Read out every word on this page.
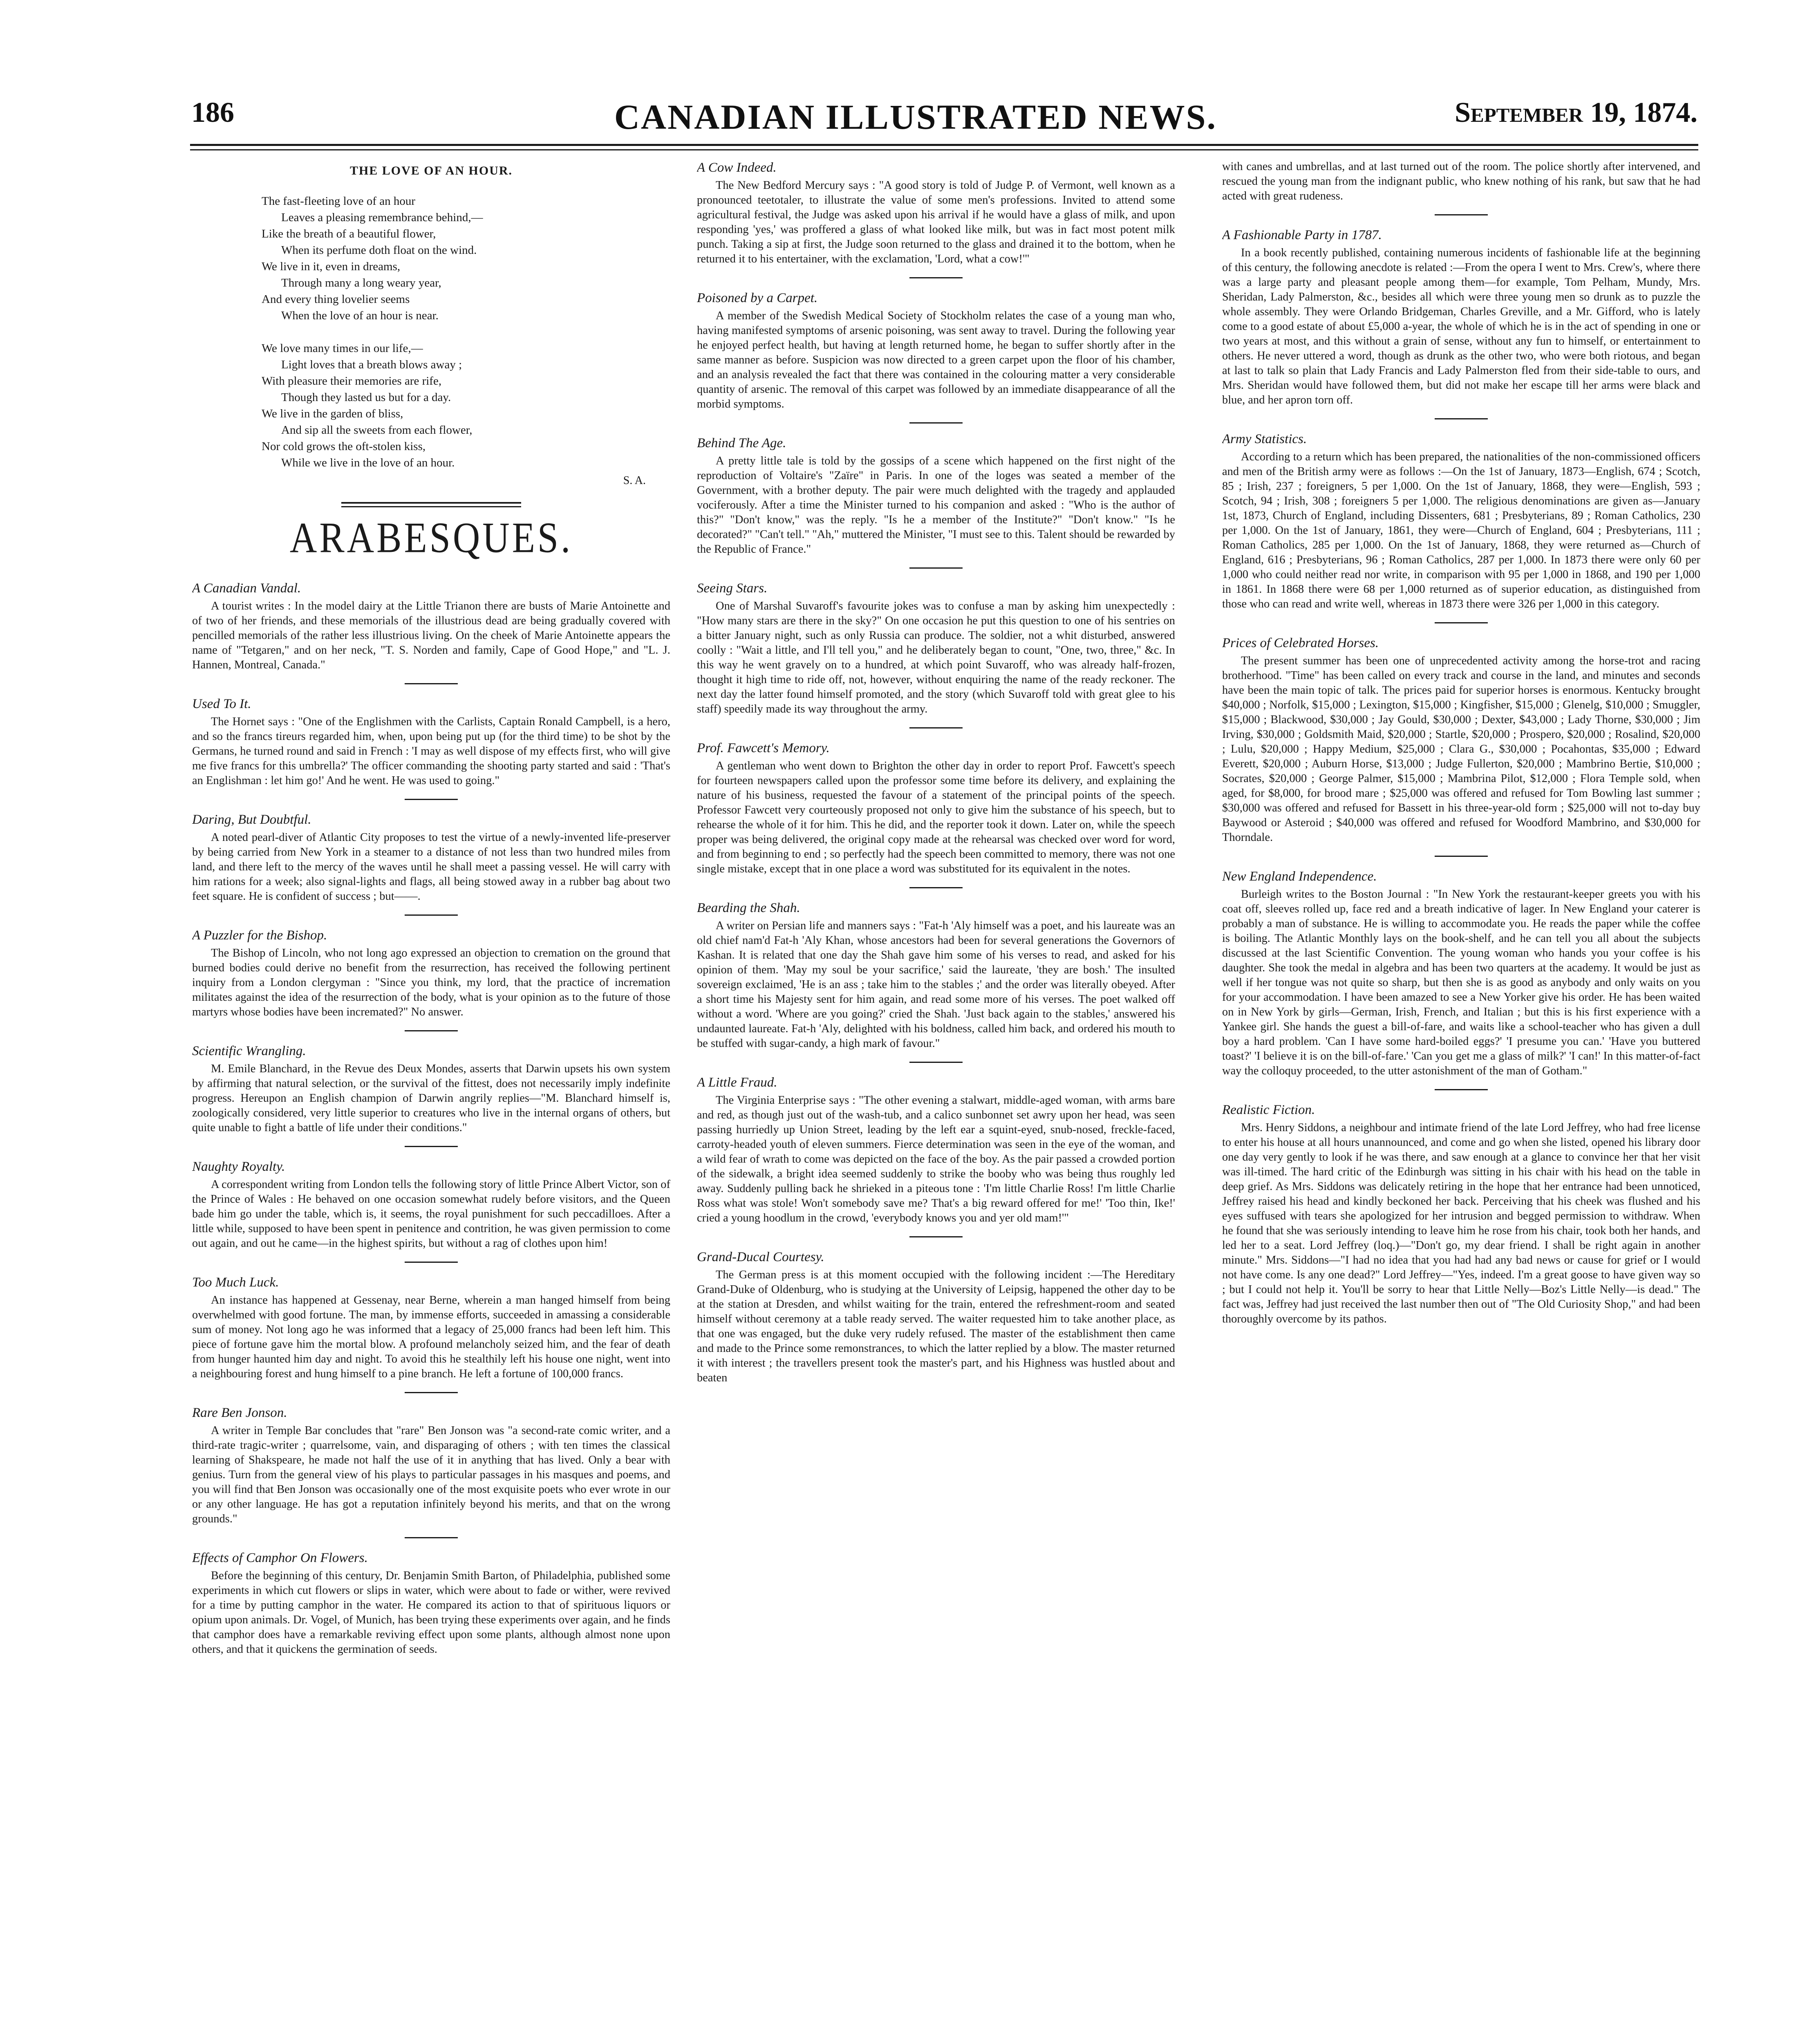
186	CANADIAN ILLUSTRATED NEWS.	September 19, 1874.
THE LOVE OF AN HOUR.
The fast-fleeting love of an hour
Leaves a pleasing remembrance behind,—
Like the breath of a beautiful flower,
When its perfume doth float on the wind.
We live in it, even in dreams,
Through many a long weary year,
And every thing lovelier seems
When the love of an hour is near.
We love many times in our life,—
Light loves that a breath blows away ;
With pleasure their memories are rife,
Though they lasted us but for a day.
We live in the garden of bliss,
And sip all the sweets from each flower,
Nor cold grows the oft-stolen kiss,
While we live in the love of an hour.
S. A.
ARABESQUES.
A Canadian Vandal.

A tourist writes : In the model dairy at the Little Trianon there are busts of Marie Antoinette and of two of her friends, and these memorials of the illustrious dead are being gradually covered with pencilled memorials of the rather less illustrious living. On the cheek of Marie Antoinette appears the name of "Tetgaren," and on her neck, "T. S. Norden and family, Cape of Good Hope," and "L. J. Hannen, Montreal, Canada."

Used To It.

The Hornet says : "One of the Englishmen with the Carlists, Captain Ronald Campbell, is a hero, and so the francs tireurs regarded him, when, upon being put up (for the third time) to be shot by the Germans, he turned round and said in French : 'I may as well dispose of my effects first, who will give me five francs for this umbrella?' The officer commanding the shooting party started and said : 'That's an Englishman : let him go!' And he went. He was used to going."

Daring, But Doubtful.

A noted pearl-diver of Atlantic City proposes to test the virtue of a newly-invented life-preserver by being carried from New York in a steamer to a distance of not less than two hundred miles from land, and there left to the mercy of the waves until he shall meet a passing vessel. He will carry with him rations for a week; also signal-lights and flags, all being stowed away in a rubber bag about two feet square. He is confident of success ; but——.

A Puzzler for the Bishop.

The Bishop of Lincoln, who not long ago expressed an objection to cremation on the ground that burned bodies could derive no benefit from the resurrection, has received the following pertinent inquiry from a London clergyman : "Since you think, my lord, that the practice of incremation militates against the idea of the resurrection of the body, what is your opinion as to the future of those martyrs whose bodies have been incremated?" No answer.

Scientific Wrangling.

M. Emile Blanchard, in the Revue des Deux Mondes, asserts that Darwin upsets his own system by affirming that natural selection, or the survival of the fittest, does not necessarily imply indefinite progress. Hereupon an English champion of Darwin angrily replies—"M. Blanchard himself is, zoologically considered, very little superior to creatures who live in the internal organs of others, but quite unable to fight a battle of life under their conditions."

Naughty Royalty.

A correspondent writing from London tells the following story of little Prince Albert Victor, son of the Prince of Wales : He behaved on one occasion somewhat rudely before visitors, and the Queen bade him go under the table, which is, it seems, the royal punishment for such peccadilloes. After a little while, supposed to have been spent in penitence and contrition, he was given permission to come out again, and out he came—in the highest spirits, but without a rag of clothes upon him!

Too Much Luck.

An instance has happened at Gessenay, near Berne, wherein a man hanged himself from being overwhelmed with good fortune. The man, by immense efforts, succeeded in amassing a considerable sum of money. Not long ago he was informed that a legacy of 25,000 francs had been left him. This piece of fortune gave him the mortal blow. A profound melancholy seized him, and the fear of death from hunger haunted him day and night. To avoid this he stealthily left his house one night, went into a neighbouring forest and hung himself to a pine branch. He left a fortune of 100,000 francs.

Rare Ben Jonson.

A writer in Temple Bar concludes that "rare" Ben Jonson was "a second-rate comic writer, and a third-rate tragic-writer ; quarrelsome, vain, and disparaging of others ; with ten times the classical learning of Shakspeare, he made not half the use of it in anything that has lived. Only a bear with genius. Turn from the general view of his plays to particular passages in his masques and poems, and you will find that Ben Jonson was occasionally one of the most exquisite poets who ever wrote in our or any other language. He has got a reputation infinitely beyond his merits, and that on the wrong grounds."

Effects of Camphor On Flowers.

Before the beginning of this century, Dr. Benjamin Smith Barton, of Philadelphia, published some experiments in which cut flowers or slips in water, which were about to fade or wither, were revived for a time by putting camphor in the water. He compared its action to that of spirituous liquors or opium upon animals. Dr. Vogel, of Munich, has been trying these experiments over again, and he finds that camphor does have a remarkable reviving effect upon some plants, although almost none upon others, and that it quickens the germination of seeds.

A Cow Indeed.

The New Bedford Mercury says : "A good story is told of Judge P. of Vermont, well known as a pronounced teetotaler, to illustrate the value of some men's professions. Invited to attend some agricultural festival, the Judge was asked upon his arrival if he would have a glass of milk, and upon responding 'yes,' was proffered a glass of what looked like milk, but was in fact most potent milk punch. Taking a sip at first, the Judge soon returned to the glass and drained it to the bottom, when he returned it to his entertainer, with the exclamation, 'Lord, what a cow!'"

Poisoned by a Carpet.

A member of the Swedish Medical Society of Stockholm relates the case of a young man who, having manifested symptoms of arsenic poisoning, was sent away to travel. During the following year he enjoyed perfect health, but having at length returned home, he began to suffer shortly after in the same manner as before. Suspicion was now directed to a green carpet upon the floor of his chamber, and an analysis revealed the fact that there was contained in the colouring matter a very considerable quantity of arsenic. The removal of this carpet was followed by an immediate disappearance of all the morbid symptoms.

Behind The Age.

A pretty little tale is told by the gossips of a scene which happened on the first night of the reproduction of Voltaire's "Zaïre" in Paris. In one of the loges was seated a member of the Government, with a brother deputy. The pair were much delighted with the tragedy and applauded vociferously. After a time the Minister turned to his companion and asked : "Who is the author of this?" "Don't know," was the reply. "Is he a member of the Institute?" "Don't know." "Is he decorated?" "Can't tell." "Ah," muttered the Minister, "I must see to this. Talent should be rewarded by the Republic of France."

Seeing Stars.

One of Marshal Suvaroff's favourite jokes was to confuse a man by asking him unexpectedly : "How many stars are there in the sky?" On one occasion he put this question to one of his sentries on a bitter January night, such as only Russia can produce. The soldier, not a whit disturbed, answered coolly : "Wait a little, and I'll tell you," and he deliberately began to count, "One, two, three," &c. In this way he went gravely on to a hundred, at which point Suvaroff, who was already half-frozen, thought it high time to ride off, not, however, without enquiring the name of the ready reckoner. The next day the latter found himself promoted, and the story (which Suvaroff told with great glee to his staff) speedily made its way throughout the army.

Prof. Fawcett's Memory.

A gentleman who went down to Brighton the other day in order to report Prof. Fawcett's speech for fourteen newspapers called upon the professor some time before its delivery, and explaining the nature of his business, requested the favour of a statement of the principal points of the speech. Professor Fawcett very courteously proposed not only to give him the substance of his speech, but to rehearse the whole of it for him. This he did, and the reporter took it down. Later on, while the speech proper was being delivered, the original copy made at the rehearsal was checked over word for word, and from beginning to end ; so perfectly had the speech been committed to memory, there was not one single mistake, except that in one place a word was substituted for its equivalent in the notes.

Bearding the Shah.

A writer on Persian life and manners says : "Fat-h 'Aly himself was a poet, and his laureate was an old chief nam'd Fat-h 'Aly Khan, whose ancestors had been for several generations the Governors of Kashan. It is related that one day the Shah gave him some of his verses to read, and asked for his opinion of them. 'May my soul be your sacrifice,' said the laureate, 'they are bosh.' The insulted sovereign exclaimed, 'He is an ass ; take him to the stables ;' and the order was literally obeyed. After a short time his Majesty sent for him again, and read some more of his verses. The poet walked off without a word. 'Where are you going?' cried the Shah. 'Just back again to the stables,' answered his undaunted laureate. Fat-h 'Aly, delighted with his boldness, called him back, and ordered his mouth to be stuffed with sugar-candy, a high mark of favour."

A Little Fraud.

The Virginia Enterprise says : "The other evening a stalwart, middle-aged woman, with arms bare and red, as though just out of the wash-tub, and a calico sunbonnet set awry upon her head, was seen passing hurriedly up Union Street, leading by the left ear a squint-eyed, snub-nosed, freckle-faced, carroty-headed youth of eleven summers. Fierce determination was seen in the eye of the woman, and a wild fear of wrath to come was depicted on the face of the boy. As the pair passed a crowded portion of the sidewalk, a bright idea seemed suddenly to strike the booby who was being thus roughly led away. Suddenly pulling back he shrieked in a piteous tone : 'I'm little Charlie Ross! I'm little Charlie Ross what was stole! Won't somebody save me? That's a big reward offered for me!' 'Too thin, Ike!' cried a young hoodlum in the crowd, 'everybody knows you and yer old mam!'"

Grand-Ducal Courtesy.

The German press is at this moment occupied with the following incident :—The Hereditary Grand-Duke of Oldenburg, who is studying at the University of Leipsig, happened the other day to be at the station at Dresden, and whilst waiting for the train, entered the refreshment-room and seated himself without ceremony at a table ready served. The waiter requested him to take another place, as that one was engaged, but the duke very rudely refused. The master of the establishment then came and made to the Prince some remonstrances, to which the latter replied by a blow. The master returned it with interest ; the travellers present took the master's part, and his Highness was hustled about and beaten

with canes and umbrellas, and at last turned out of the room. The police shortly after intervened, and rescued the young man from the indignant public, who knew nothing of his rank, but saw that he had acted with great rudeness.

A Fashionable Party in 1787.

In a book recently published, containing numerous incidents of fashionable life at the beginning of this century, the following anecdote is related :—From the opera I went to Mrs. Crew's, where there was a large party and pleasant people among them—for example, Tom Pelham, Mundy, Mrs. Sheridan, Lady Palmerston, &c., besides all which were three young men so drunk as to puzzle the whole assembly. They were Orlando Bridgeman, Charles Greville, and a Mr. Gifford, who is lately come to a good estate of about £5,000 a-year, the whole of which he is in the act of spending in one or two years at most, and this without a grain of sense, without any fun to himself, or entertainment to others. He never uttered a word, though as drunk as the other two, who were both riotous, and began at last to talk so plain that Lady Francis and Lady Palmerston fled from their side-table to ours, and Mrs. Sheridan would have followed them, but did not make her escape till her arms were black and blue, and her apron torn off.

Army Statistics.

According to a return which has been prepared, the nationalities of the non-commissioned officers and men of the British army were as follows :—On the 1st of January, 1873—English, 674 ; Scotch, 85 ; Irish, 237 ; foreigners, 5 per 1,000. On the 1st of January, 1868, they were—English, 593 ; Scotch, 94 ; Irish, 308 ; foreigners 5 per 1,000. The religious denominations are given as—January 1st, 1873, Church of England, including Dissenters, 681 ; Presbyterians, 89 ; Roman Catholics, 230 per 1,000. On the 1st of January, 1861, they were—Church of England, 604 ; Presbyterians, 111 ; Roman Catholics, 285 per 1,000. On the 1st of January, 1868, they were returned as—Church of England, 616 ; Presbyterians, 96 ; Roman Catholics, 287 per 1,000. In 1873 there were only 60 per 1,000 who could neither read nor write, in comparison with 95 per 1,000 in 1868, and 190 per 1,000 in 1861. In 1868 there were 68 per 1,000 returned as of superior education, as distinguished from those who can read and write well, whereas in 1873 there were 326 per 1,000 in this category.

Prices of Celebrated Horses.

The present summer has been one of unprecedented activity among the horse-trot and racing brotherhood. "Time" has been called on every track and course in the land, and minutes and seconds have been the main topic of talk. The prices paid for superior horses is enormous. Kentucky brought $40,000 ; Norfolk, $15,000 ; Lexington, $15,000 ; Kingfisher, $15,000 ; Glenelg, $10,000 ; Smuggler, $15,000 ; Blackwood, $30,000 ; Jay Gould, $30,000 ; Dexter, $43,000 ; Lady Thorne, $30,000 ; Jim Irving, $30,000 ; Goldsmith Maid, $20,000 ; Startle, $20,000 ; Prospero, $20,000 ; Rosalind, $20,000 ; Lulu, $20,000 ; Happy Medium, $25,000 ; Clara G., $30,000 ; Pocahontas, $35,000 ; Edward Everett, $20,000 ; Auburn Horse, $13,000 ; Judge Fullerton, $20,000 ; Mambrino Bertie, $10,000 ; Socrates, $20,000 ; George Palmer, $15,000 ; Mambrina Pilot, $12,000 ; Flora Temple sold, when aged, for $8,000, for brood mare ; $25,000 was offered and refused for Tom Bowling last summer ; $30,000 was offered and refused for Bassett in his three-year-old form ; $25,000 will not to-day buy Baywood or Asteroid ; $40,000 was offered and refused for Woodford Mambrino, and $30,000 for Thorndale.

New England Independence.

Burleigh writes to the Boston Journal : "In New York the restaurant-keeper greets you with his coat off, sleeves rolled up, face red and a breath indicative of lager. In New England your caterer is probably a man of substance. He is willing to accommodate you. He reads the paper while the coffee is boiling. The Atlantic Monthly lays on the book-shelf, and he can tell you all about the subjects discussed at the last Scientific Convention. The young woman who hands you your coffee is his daughter. She took the medal in algebra and has been two quarters at the academy. It would be just as well if her tongue was not quite so sharp, but then she is as good as anybody and only waits on you for your accommodation. I have been amazed to see a New Yorker give his order. He has been waited on in New York by girls—German, Irish, French, and Italian ; but this is his first experience with a Yankee girl. She hands the guest a bill-of-fare, and waits like a school-teacher who has given a dull boy a hard problem. 'Can I have some hard-boiled eggs?' 'I presume you can.' 'Have you buttered toast?' 'I believe it is on the bill-of-fare.' 'Can you get me a glass of milk?' 'I can!' In this matter-of-fact way the colloquy proceeded, to the utter astonishment of the man of Gotham."

Realistic Fiction.

Mrs. Henry Siddons, a neighbour and intimate friend of the late Lord Jeffrey, who had free license to enter his house at all hours unannounced, and come and go when she listed, opened his library door one day very gently to look if he was there, and saw enough at a glance to convince her that her visit was ill-timed. The hard critic of the Edinburgh was sitting in his chair with his head on the table in deep grief. As Mrs. Siddons was delicately retiring in the hope that her entrance had been unnoticed, Jeffrey raised his head and kindly beckoned her back. Perceiving that his cheek was flushed and his eyes suffused with tears she apologized for her intrusion and begged permission to withdraw. When he found that she was seriously intending to leave him he rose from his chair, took both her hands, and led her to a seat. Lord Jeffrey (loq.)—"Don't go, my dear friend. I shall be right again in another minute." Mrs. Siddons—"I had no idea that you had had any bad news or cause for grief or I would not have come. Is any one dead?" Lord Jeffrey—"Yes, indeed. I'm a great goose to have given way so ; but I could not help it. You'll be sorry to hear that Little Nelly—Boz's Little Nelly—is dead." The fact was, Jeffrey had just received the last number then out of "The Old Curiosity Shop," and had been thoroughly overcome by its pathos.
